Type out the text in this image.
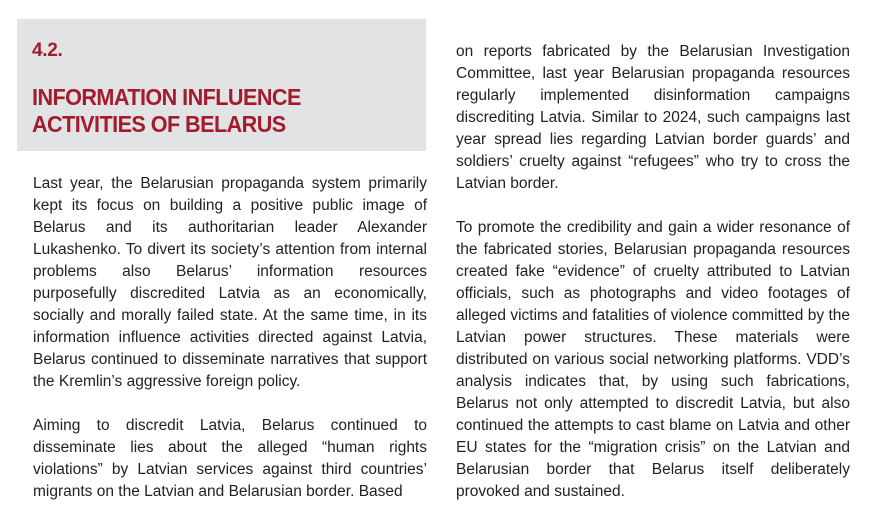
4.2.
INFORMATION INFLUENCE ACTIVITIES OF BELARUS

Last year, the Belarusian propaganda system primarily kept its focus on building a positive public image of Belarus and its authoritarian leader Alexander Lukashenko. To divert its society’s attention from internal problems also Belarus’ information resources purposefully discredited Latvia as an economically, socially and morally failed state. At the same time, in its information influence activities directed against Latvia, Belarus continued to disseminate narratives that support the Kremlin’s aggressive foreign policy.

Aiming to discredit Latvia, Belarus continued to disseminate lies about the alleged “human rights violations” by Latvian services against third countries’ migrants on the Latvian and Belarusian border. Based

on reports fabricated by the Belarusian Investigation Committee, last year Belarusian propaganda resources regularly implemented disinformation campaigns discrediting Latvia. Similar to 2024, such campaigns last year spread lies regarding Latvian border guards’ and soldiers’ cruelty against “refugees” who try to cross the Latvian border.

To promote the credibility and gain a wider resonance of the fabricated stories, Belarusian propaganda resources created fake “evidence” of cruelty attributed to Latvian officials, such as photographs and video footages of alleged victims and fatalities of violence committed by the Latvian power structures. These materials were distributed on various social networking platforms. VDD’s analysis indicates that, by using such fabrications, Belarus not only attempted to discredit Latvia, but also continued the attempts to cast blame on Latvia and other EU states for the “migration crisis” on the Latvian and Belarusian border that Belarus itself deliberately provoked and sustained.
